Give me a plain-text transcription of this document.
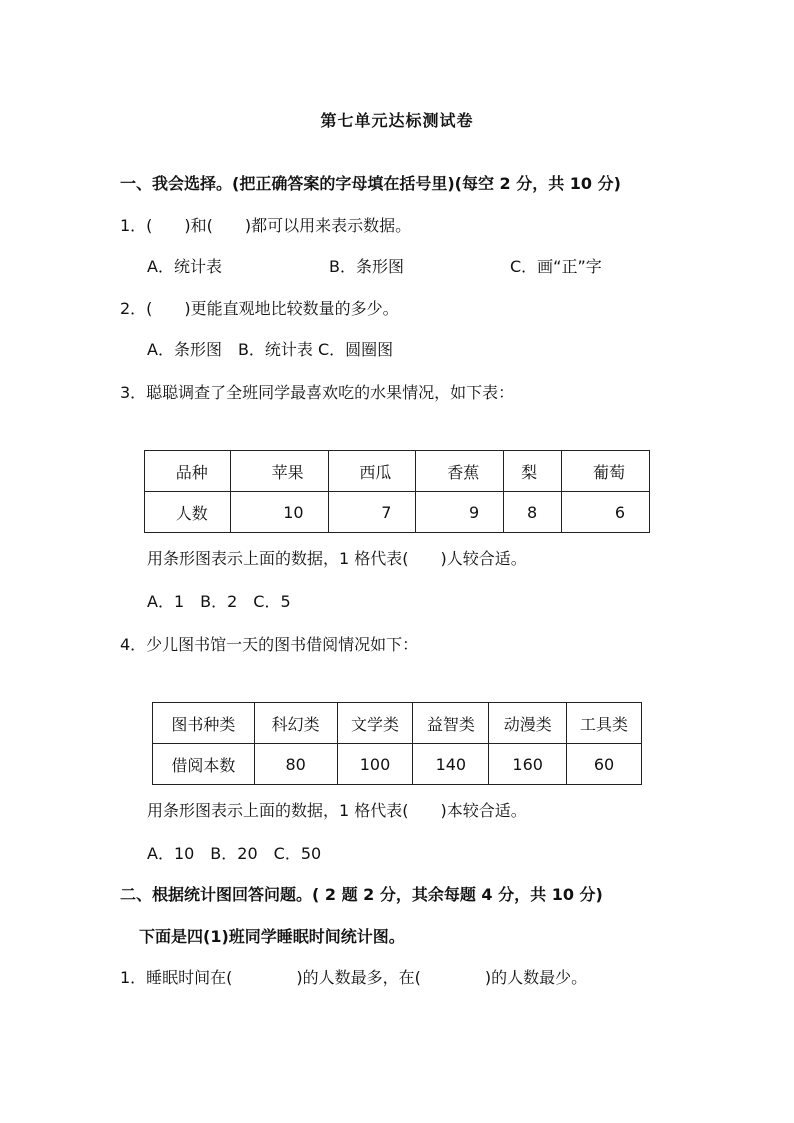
第七单元达标测试卷
一、我会选择。(把正确答案的字母填在括号里)(每空 2 分，共 10 分)
1．(　　)和(　　)都可以用来表示数据。
A．统计表	B．条形图	C．画“正”字
2．(　　)更能直观地比较数量的多少。
A．条形图　B．统计表 C．圆圈图
3．聪聪调查了全班同学最喜欢吃的水果情况，如下表：
品种	苹果	西瓜	香蕉	梨	葡萄
人数	10	7	9	8	6
用条形图表示上面的数据，1 格代表(　　)人较合适。
A．1　B．2　C．5
4．少儿图书馆一天的图书借阅情况如下：
图书种类	科幻类	文学类	益智类	动漫类	工具类
借阅本数	80	100	140	160	60
用条形图表示上面的数据，1 格代表(　　)本较合适。
A．10　B．20　C．50
二、根据统计图回答问题。( 2 题 2 分，其余每题 4 分，共 10 分)
下面是四(1)班同学睡眠时间统计图。
1．睡眠时间在(　　　　)的人数最多，在(　　　　)的人数最少。
